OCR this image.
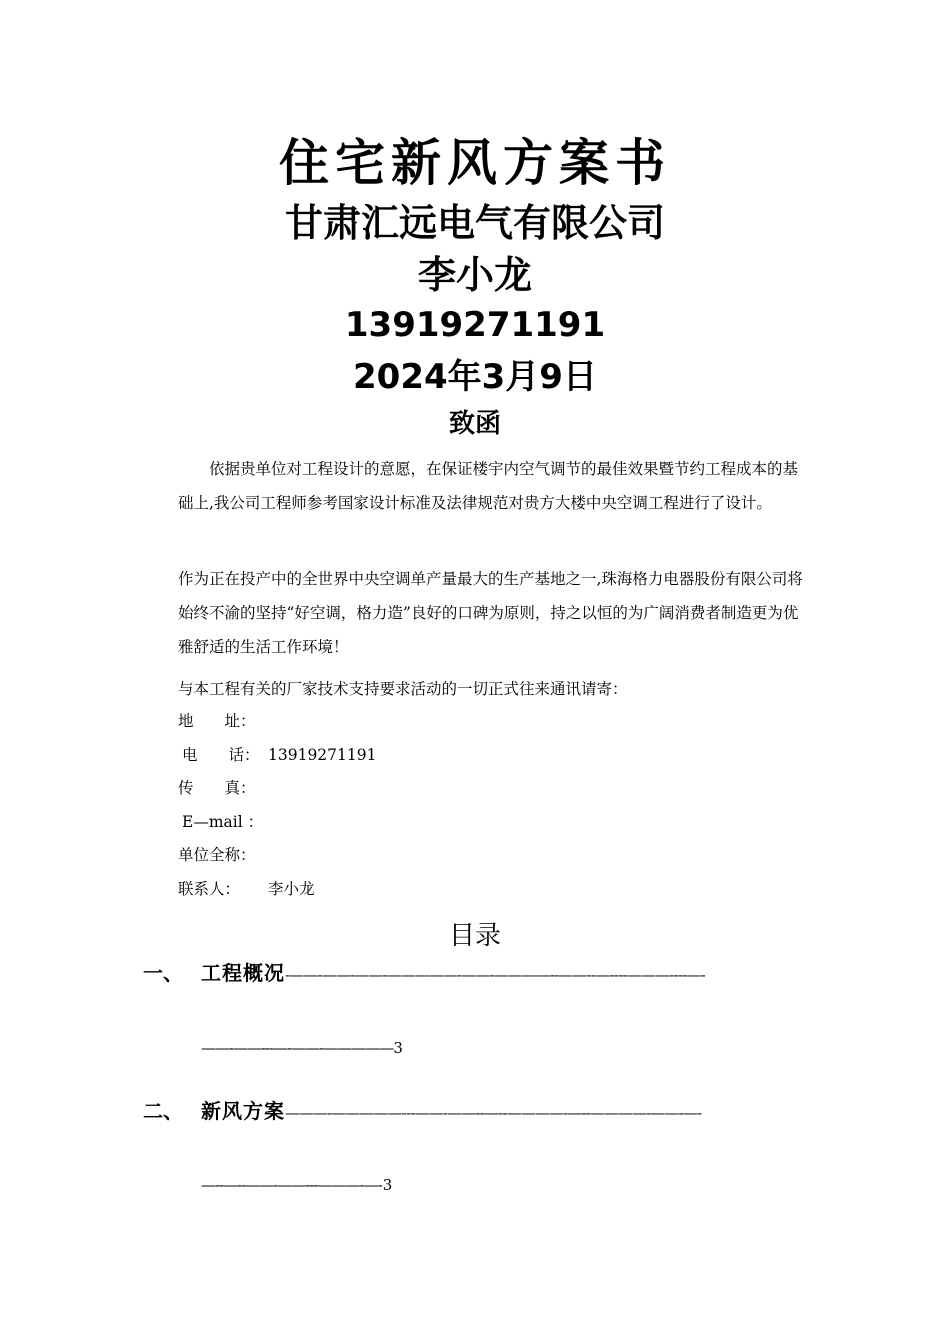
住宅新风方案书
甘肃汇远电气有限公司
李小龙
13919271191
2024年3月9日
致函
依据贵单位对工程设计的意愿，在保证楼宇内空气调节的最佳效果暨节约工程成本的基础上,我公司工程师参考国家设计标准及法律规范对贵方大楼中央空调工程进行了设计。
作为正在投产中的全世界中央空调单产量最大的生产基地之一,珠海格力电器股份有限公司将始终不渝的坚持“好空调，格力造”良好的口碑为原则，持之以恒的为广阔消费者制造更为优雅舒适的生活工作环境！
与本工程有关的厂家技术支持要求活动的一切正式往来通讯请寄：
地　　址：
电　　话： 13919271191
传　　真：
E—mail ：
单位全称：
联系人： 李小龙
目录
一、 工程概况-——-——-——-—————-——-————--——--—----———----—-
——-——---—-——-—————3
二、 新风方案———-—————---——-——--—--————-—--————-——-—-
—--—--——-——---———-—-3
